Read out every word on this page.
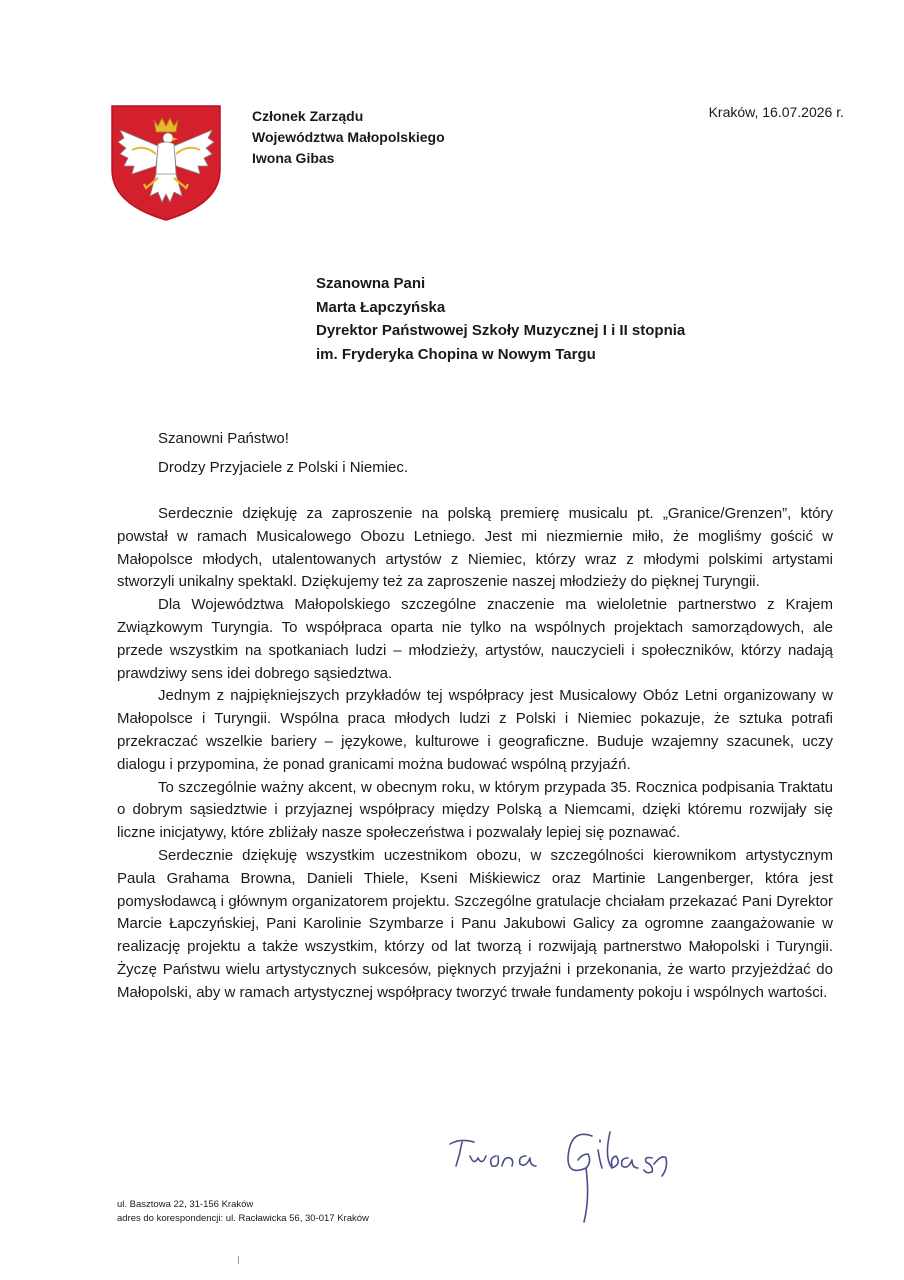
Członek Zarządu
Województwa Małopolskiego
Iwona Gibas
Kraków, 16.07.2026 r.
Szanowna Pani
Marta Łapczyńska
Dyrektor Państwowej Szkoły Muzycznej I i II stopnia
im. Fryderyka Chopina w Nowym Targu
Szanowni Państwo!
Drodzy Przyjaciele z Polski i Niemiec.

Serdecznie dziękuję za zaproszenie na polską premierę musicalu pt. „Granice/Grenzen”, który powstał w ramach Musicalowego Obozu Letniego. Jest mi niezmiernie miło, że mogliśmy gościć w Małopolsce młodych, utalentowanych artystów z Niemiec, którzy wraz z młodymi polskimi artystami stworzyli unikalny spektakl. Dziękujemy też za zaproszenie naszej młodzieży do pięknej Turyngii.

Dla Województwa Małopolskiego szczególne znaczenie ma wieloletnie partnerstwo z Krajem Związkowym Turyngia. To współpraca oparta nie tylko na wspólnych projektach samorządowych, ale przede wszystkim na spotkaniach ludzi – młodzieży, artystów, nauczycieli i społeczników, którzy nadają prawdziwy sens idei dobrego sąsiedztwa.

Jednym z najpiękniejszych przykładów tej współpracy jest Musicalowy Obóz Letni organizowany w Małopolsce i Turyngii. Wspólna praca młodych ludzi z Polski i Niemiec pokazuje, że sztuka potrafi przekraczać wszelkie bariery – językowe, kulturowe i geograficzne. Buduje wzajemny szacunek, uczy dialogu i przypomina, że ponad granicami można budować wspólną przyjaźń.

To szczególnie ważny akcent, w obecnym roku, w którym przypada 35. Rocznica podpisania Traktatu o dobrym sąsiedztwie i przyjaznej współpracy między Polską a Niemcami, dzięki któremu rozwijały się liczne inicjatywy, które zbliżały nasze społeczeństwa i pozwalały lepiej się poznawać.

Serdecznie dziękuję wszystkim uczestnikom obozu, w szczególności kierownikom artystycznym Paula Grahama Browna, Danieli Thiele, Kseni Miśkiewicz oraz Martinie Langenberger, która jest pomysłodawcą i głównym organizatorem projektu. Szczególne gratulacje chciałam przekazać Pani Dyrektor Marcie Łapczyńskiej, Pani Karolinie Szymbarze i Panu Jakubowi Galicy za ogromne zaangażowanie w realizację projektu a także wszystkim, którzy od lat tworzą i rozwijają partnerstwo Małopolski i Turyngii. Życzę Państwu wielu artystycznych sukcesów, pięknych przyjaźni i przekonania, że warto przyjeżdżać do Małopolski, aby w ramach artystycznej współpracy tworzyć trwałe fundamenty pokoju i wspólnych wartości.

ul. Basztowa 22, 31-156 Kraków
adres do korespondencji: ul. Racławicka 56, 30-017 Kraków
